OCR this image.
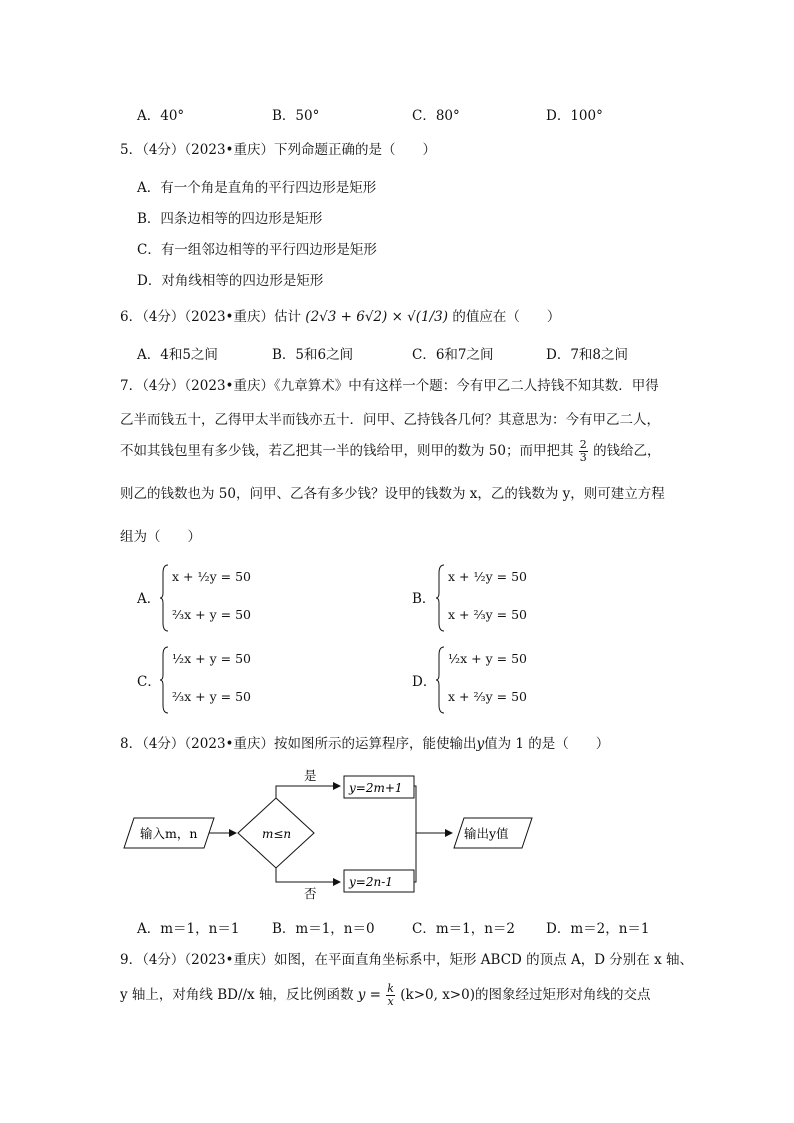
A．40°	B．50°	C．80°	D．100°
5．（4分）（2023•重庆）下列命题正确的是（　　）
A．有一个角是直角的平行四边形是矩形
B．四条边相等的四边形是矩形
C．有一组邻边相等的平行四边形是矩形
D．对角线相等的四边形是矩形
6．（4分）（2023•重庆）估计 (2√3 + 6√2) × √(1/3) 的值应在（　　）
A．4和5之间	B．5和6之间	C．6和7之间	D．7和8之间
7．（4分）（2023•重庆）《九章算术》中有这样一个题：今有甲乙二人持钱不知其数．甲得
乙半而钱五十，乙得甲太半而钱亦五十．问甲、乙持钱各几何？其意思为：今有甲乙二人，
不如其钱包里有多少钱，若乙把其一半的钱给甲，则甲的数为 50；而甲把其 $\frac{2}{3}$ 的钱给乙，
则乙的钱数也为 50，问甲、乙各有多少钱？设甲的钱数为 x，乙的钱数为 y，则可建立方程
组为（　　）
A．
x + ½y = 50
⅔x + y = 50
B．
x + ½y = 50
x + ⅔y = 50
C．
½x + y = 50
⅔x + y = 50
D．
½x + y = 50
x + ⅔y = 50
8．（4分）（2023•重庆）按如图所示的运算程序，能使输出y值为 1 的是（　　）
输入m，n	m≤n
是
y=2m+1
否
y=2n-1
输出y值
A．m＝1，n＝1 B．m＝1，n＝0	C．m＝1，n＝2 D．m＝2，n＝1
9．（4分）（2023•重庆）如图，在平面直角坐标系中，矩形 ABCD 的顶点 A，D 分别在 x 轴、
y 轴上，对角线 BD//x 轴，反比例函数 $y = \frac{k}{x} (k>0$, x>0)的图象经过矩形对角线的交点
